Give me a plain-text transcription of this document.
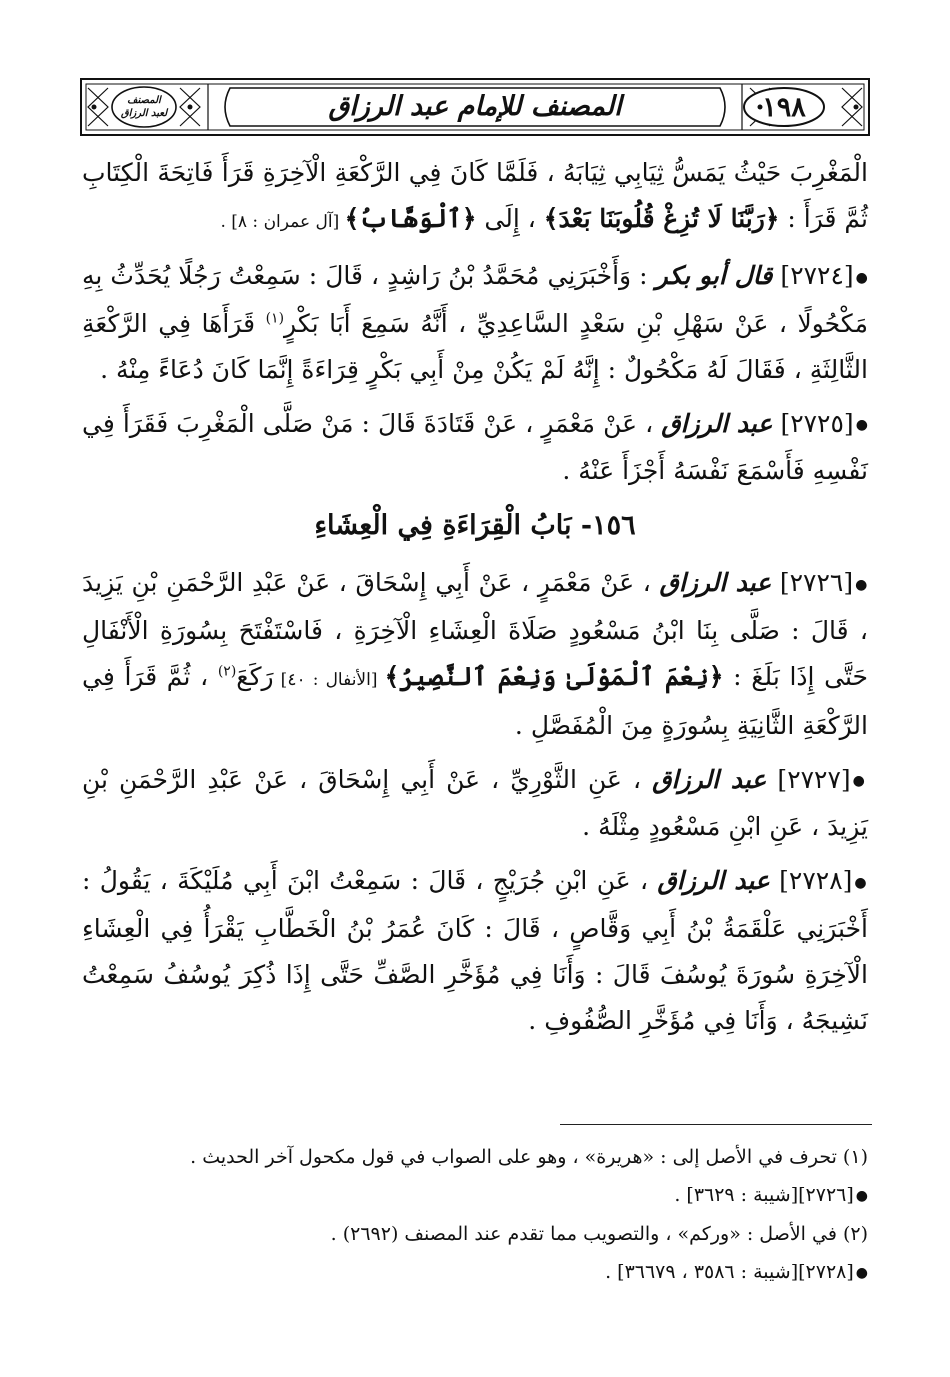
١٩٨
المصنف للإمام عبد الرزاق
المصنف
لعبد الرزاق

الْمَغْرِبَ حَيْثُ يَمَسُّ ثِيَابِي ثِيَابَهُ ، فَلَمَّا كَانَ فِي الرَّكْعَةِ الْآخِرَةِ قَرَأَ فَاتِحَةَ الْكِتَابِ ثُمَّ قَرَأَ : ﴿رَبَّنَا لَا تُزِغْ قُلُوبَنَا بَعْدَ﴾ ، إِلَى ﴿ٱلْوَهَّابُ﴾ [آل عمران : ٨] .

●[٢٧٢٤] قال أبو بكر : وَأَخْبَرَنِي مُحَمَّدُ بْنُ رَاشِدٍ ، قَالَ : سَمِعْتُ رَجُلًا يُحَدِّثُ بِهِ مَكْحُولًا ، عَنْ سَهْلِ بْنِ سَعْدٍ السَّاعِدِيِّ ، أَنَّهُ سَمِعَ أَبَا بَكْرٍ$^{(١)}$ قَرَأَهَا فِي الرَّكْعَةِ الثَّالِثَةِ ، فَقَالَ لَهُ مَكْحُولٌ : إِنَّهُ لَمْ يَكُنْ مِنْ أَبِي بَكْرٍ قِرَاءَةً إِنَّمَا كَانَ دُعَاءً مِنْهُ .

●[٢٧٢٥] عبد الرزاق ، عَنْ مَعْمَرٍ ، عَنْ قَتَادَةَ قَالَ : مَنْ صَلَّى الْمَغْرِبَ فَقَرَأَ فِي نَفْسِهِ فَأَسْمَعَ نَفْسَهُ أَجْزَأَ عَنْهُ .

١٥٦- بَابُ الْقِرَاءَةِ فِي الْعِشَاءِ

●[٢٧٢٦] عبد الرزاق ، عَنْ مَعْمَرٍ ، عَنْ أَبِي إِسْحَاقَ ، عَنْ عَبْدِ الرَّحْمَنِ بْنِ يَزِيدَ ، قَالَ : صَلَّى بِنَا ابْنُ مَسْعُودٍ صَلَاةَ الْعِشَاءِ الْآخِرَةِ ، فَاسْتَفْتَحَ بِسُورَةِ الْأَنْفَالِ حَتَّى إِذَا بَلَغَ : ﴿نِعْمَ ٱلْمَوْلَىٰ وَنِعْمَ ٱلنَّصِيرُ﴾ [الأنفال : ٤٠] رَكَعَ$^{(٢)}$ ، ثُمَّ قَرَأَ فِي الرَّكْعَةِ الثَّانِيَةِ بِسُورَةٍ مِنَ الْمُفَصَّلِ .

●[٢٧٢٧] عبد الرزاق ، عَنِ الثَّوْرِيِّ ، عَنْ أَبِي إِسْحَاقَ ، عَنْ عَبْدِ الرَّحْمَنِ بْنِ يَزِيدَ ، عَنِ ابْنِ مَسْعُودٍ مِثْلَهُ .

●[٢٧٢٨] عبد الرزاق ، عَنِ ابْنِ جُرَيْجٍ ، قَالَ : سَمِعْتُ ابْنَ أَبِي مُلَيْكَةَ ، يَقُولُ : أَخْبَرَنِي عَلْقَمَةُ بْنُ أَبِي وَقَّاصٍ ، قَالَ : كَانَ عُمَرُ بْنُ الْخَطَّابِ يَقْرَأُ فِي الْعِشَاءِ الْآخِرَةِ سُورَةَ يُوسُفَ قَالَ : وَأَنَا فِي مُؤَخَّرِ الصَّفِّ حَتَّى إِذَا ذُكِرَ يُوسُفُ سَمِعْتُ نَشِيجَهُ ، وَأَنَا فِي مُؤَخَّرِ الصُّفُوفِ .

(١) تحرف في الأصل إلى : «هريرة» ، وهو على الصواب في قول مكحول آخر الحديث .

●[٢٧٢٦][شيبة : ٣٦٢٩] .

(٢) في الأصل : «وركم» ، والتصويب مما تقدم عند المصنف (٢٦٩٢) .

●[٢٧٢٨][شيبة : ٣٥٨٦ ، ٣٦٦٧٩] .
